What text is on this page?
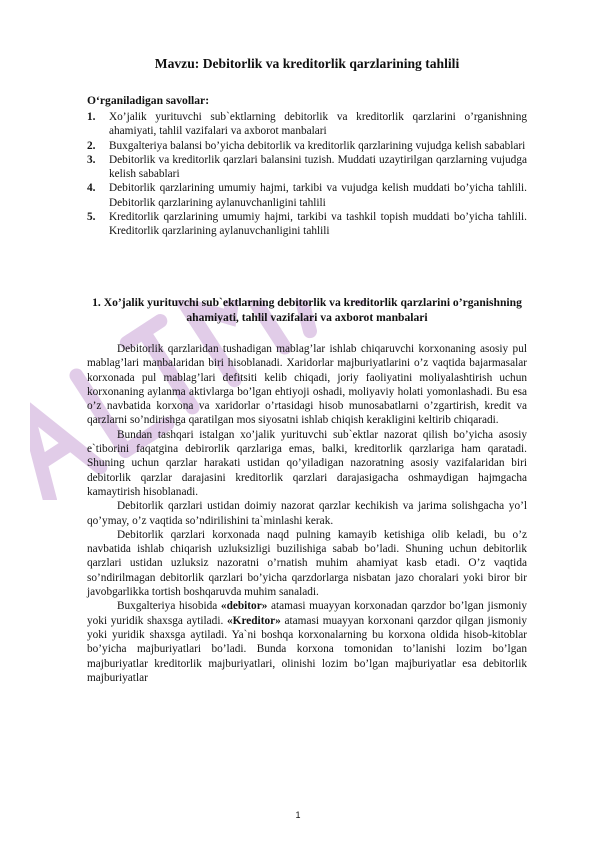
Mavzu: Debitorlik va kreditorlik qarzlarining tahlili
O‘rganiladigan savollar:
1. Xo’jalik yurituvchi sub`ektlarning debitorlik va kreditorlik qarzlarini o’rganishning ahamiyati, tahlil vazifalari va axborot manbalari
2. Buxgalteriya balansi bo’yicha debitorlik va kreditorlik qarzlarining vujudga kelish sabablari
3. Debitorlik va kreditorlik qarzlari balansini tuzish. Muddati uzaytirilgan qarzlarning vujudga kelish sabablari
4. Debitorlik qarzlarining umumiy hajmi, tarkibi va vujudga kelish muddati bo’yicha tahlili. Debitorlik qarzlarining aylanuvchanligini tahlili
5. Kreditorlik qarzlarining umumiy hajmi, tarkibi va tashkil topish muddati bo’yicha tahlili. Kreditorlik qarzlarining aylanuvchanligini tahlili
1. Xo’jalik yurituvchi sub`ektlarning debitorlik va kreditorlik qarzlarini o’rganishning ahamiyati, tahlil vazifalari va axborot manbalari

Debitorlik qarzlaridan tushadigan mablag’lar ishlab chiqaruvchi korxonaning asosiy pul mablag’lari manbalaridan biri hisoblanadi. Xaridorlar majburiyatlarini o’z vaqtida bajarmasalar korxonada pul mablag’lari defitsiti kelib chiqadi, joriy faoliyatini moliyalashtirish uchun korxonaning aylanma aktivlarga bo’lgan ehtiyoji oshadi, moliyaviy holati yomonlashadi. Bu esa o’z navbatida korxona va xaridorlar o’rtasidagi hisob munosabatlarni o’zgartirish, kredit va qarzlarni so’ndirishga qaratilgan mos siyosatni ishlab chiqish kerakligini keltirib chiqaradi.

Bundan tashqari istalgan xo’jalik yurituvchi sub`ektlar nazorat qilish bo’yicha asosiy e`tiborini faqatgina debirorlik qarzlariga emas, balki, kreditorlik qarzlariga ham qaratadi. Shuning uchun qarzlar harakati ustidan qo’yiladigan nazoratning asosiy vazifalaridan biri debitorlik qarzlar darajasini kreditorlik qarzlari darajasigacha oshmaydigan hajmgacha kamaytirish hisoblanadi.

Debitorlik qarzlari ustidan doimiy nazorat qarzlar kechikish va jarima solishgacha yo’l qo’ymay, o’z vaqtida so’ndirilishini ta`minlashi kerak.

Debitorlik qarzlari korxonada naqd pulning kamayib ketishiga olib keladi, bu o’z navbatida ishlab chiqarish uzluksizligi buzilishiga sabab bo’ladi. Shuning uchun debitorlik qarzlari ustidan uzluksiz nazoratni o’rnatish muhim ahamiyat kasb etadi. O’z vaqtida so’ndirilmagan debitorlik qarzlari bo’yicha qarzdorlarga nisbatan jazo choralari yoki biror bir javobgarlikka tortish boshqaruvda muhim sanaladi.

Buxgalteriya hisobida «debitor» atamasi muayyan korxonadan qarzdor bo’lgan jismoniy yoki yuridik shaxsga aytiladi. «Kreditor» atamasi muayyan korxonani qarzdor qilgan jismoniy yoki yuridik shaxsga aytiladi. Ya`ni boshqa korxonalarning bu korxona oldida hisob-kitoblar bo’yicha majburiyatlari bo’ladi. Bunda korxona tomonidan to’lanishi lozim bo’lgan majburiyatlar kreditorlik majburiyatlari, olinishi lozim bo’lgan majburiyatlar esa debitorlik majburiyatlar

1
